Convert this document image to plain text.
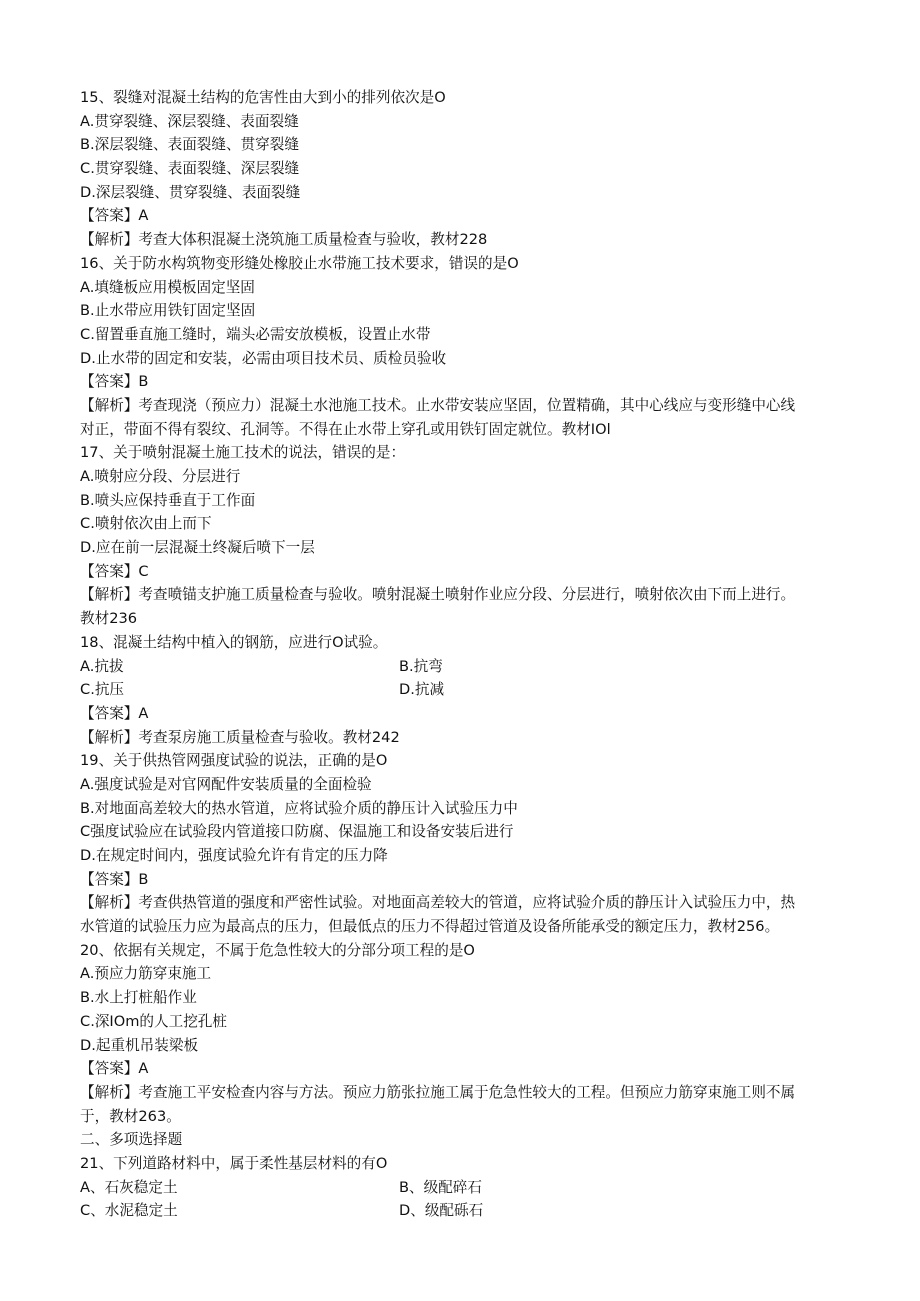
15、裂缝对混凝土结构的危害性由大到小的排列依次是O
A.贯穿裂缝、深层裂缝、表面裂缝
B.深层裂缝、表面裂缝、贯穿裂缝
C.贯穿裂缝、表面裂缝、深层裂缝
D.深层裂缝、贯穿裂缝、表面裂缝
【答案】A
【解析】考查大体积混凝土浇筑施工质量检查与验收，教材228
16、关于防水构筑物变形缝处橡胶止水带施工技术要求，错误的是O
A.填缝板应用模板固定坚固
B.止水带应用铁钉固定坚固
C.留置垂直施工缝时，端头必需安放模板，设置止水带
D.止水带的固定和安装，必需由项目技术员、质检员验收
【答案】B
【解析】考查现浇（预应力）混凝土水池施工技术。止水带安装应坚固，位置精确，其中心线应与变形缝中心线
对正，带面不得有裂纹、孔洞等。不得在止水带上穿孔或用铁钉固定就位。教材IOl
17、关于喷射混凝土施工技术的说法，错误的是：
A.喷射应分段、分层进行
B.喷头应保持垂直于工作面
C.喷射依次由上而下
D.应在前一层混凝土终凝后喷下一层
【答案】C
【解析】考查喷锚支护施工质量检查与验收。喷射混凝土喷射作业应分段、分层进行，喷射依次由下而上进行。
教材236
18、混凝土结构中植入的钢筋，应进行O试验。
A.抗拔	B.抗弯
C.抗压	D.抗减
【答案】A
【解析】考查泵房施工质量检查与验收。教材242
19、关于供热管网强度试验的说法，正确的是O
A.强度试验是对官网配件安装质量的全面检验
B.对地面高差较大的热水管道，应将试验介质的静压计入试验压力中
C强度试验应在试验段内管道接口防腐、保温施工和设备安装后进行
D.在规定时间内，强度试验允许有肯定的压力降
【答案】B
【解析】考查供热管道的强度和严密性试验。对地面高差较大的管道，应将试验介质的静压计入试验压力中，热
水管道的试验压力应为最高点的压力，但最低点的压力不得超过管道及设备所能承受的额定压力，教材256。
20、依据有关规定，不属于危急性较大的分部分项工程的是O
A.预应力筋穿束施工
B.水上打桩船作业
C.深IOm的人工挖孔桩
D.起重机吊装梁板
【答案】A
【解析】考查施工平安检查内容与方法。预应力筋张拉施工属于危急性较大的工程。但预应力筋穿束施工则不属
于，教材263。
二、多项选择题
21、下列道路材料中，属于柔性基层材料的有O
A、石灰稳定土	B、级配碎石
C、水泥稳定土	D、级配砾石
